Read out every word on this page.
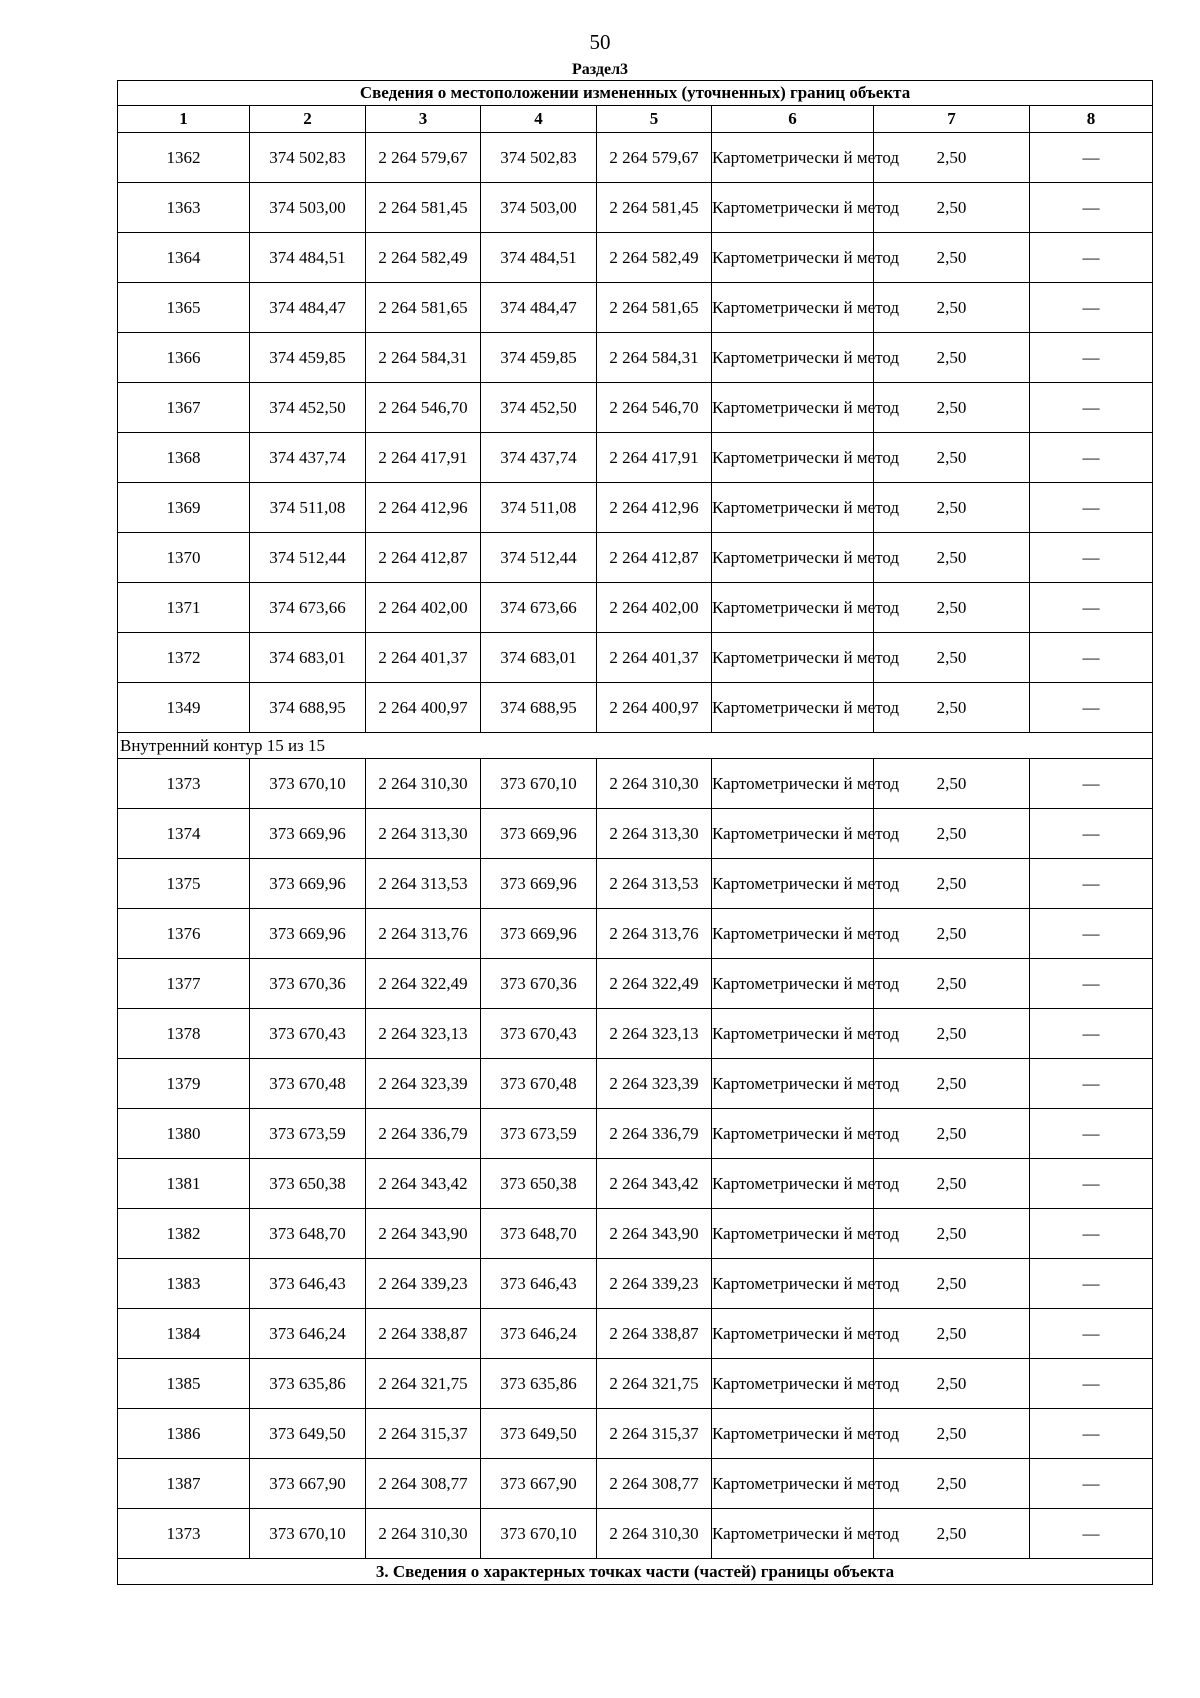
50
Раздел3
Сведения о местоположении измененных (уточненных) границ объекта							
1	2	3	4	5	6	7	8
1362	374 502,83	2 264 579,67	374 502,83	2 264 579,67	Картометрически й метод	2,50	—
1363	374 503,00	2 264 581,45	374 503,00	2 264 581,45	Картометрически й метод	2,50	—
1364	374 484,51	2 264 582,49	374 484,51	2 264 582,49	Картометрически й метод	2,50	—
1365	374 484,47	2 264 581,65	374 484,47	2 264 581,65	Картометрически й метод	2,50	—
1366	374 459,85	2 264 584,31	374 459,85	2 264 584,31	Картометрически й метод	2,50	—
1367	374 452,50	2 264 546,70	374 452,50	2 264 546,70	Картометрически й метод	2,50	—
1368	374 437,74	2 264 417,91	374 437,74	2 264 417,91	Картометрически й метод	2,50	—
1369	374 511,08	2 264 412,96	374 511,08	2 264 412,96	Картометрически й метод	2,50	—
1370	374 512,44	2 264 412,87	374 512,44	2 264 412,87	Картометрически й метод	2,50	—
1371	374 673,66	2 264 402,00	374 673,66	2 264 402,00	Картометрически й метод	2,50	—
1372	374 683,01	2 264 401,37	374 683,01	2 264 401,37	Картометрически й метод	2,50	—
1349	374 688,95	2 264 400,97	374 688,95	2 264 400,97	Картометрически й метод	2,50	—
Внутренний контур 15 из 15							
1373	373 670,10	2 264 310,30	373 670,10	2 264 310,30	Картометрически й метод	2,50	—
1374	373 669,96	2 264 313,30	373 669,96	2 264 313,30	Картометрически й метод	2,50	—
1375	373 669,96	2 264 313,53	373 669,96	2 264 313,53	Картометрически й метод	2,50	—
1376	373 669,96	2 264 313,76	373 669,96	2 264 313,76	Картометрически й метод	2,50	—
1377	373 670,36	2 264 322,49	373 670,36	2 264 322,49	Картометрически й метод	2,50	—
1378	373 670,43	2 264 323,13	373 670,43	2 264 323,13	Картометрически й метод	2,50	—
1379	373 670,48	2 264 323,39	373 670,48	2 264 323,39	Картометрически й метод	2,50	—
1380	373 673,59	2 264 336,79	373 673,59	2 264 336,79	Картометрически й метод	2,50	—
1381	373 650,38	2 264 343,42	373 650,38	2 264 343,42	Картометрически й метод	2,50	—
1382	373 648,70	2 264 343,90	373 648,70	2 264 343,90	Картометрически й метод	2,50	—
1383	373 646,43	2 264 339,23	373 646,43	2 264 339,23	Картометрически й метод	2,50	—
1384	373 646,24	2 264 338,87	373 646,24	2 264 338,87	Картометрически й метод	2,50	—
1385	373 635,86	2 264 321,75	373 635,86	2 264 321,75	Картометрически й метод	2,50	—
1386	373 649,50	2 264 315,37	373 649,50	2 264 315,37	Картометрически й метод	2,50	—
1387	373 667,90	2 264 308,77	373 667,90	2 264 308,77	Картометрически й метод	2,50	—
1373	373 670,10	2 264 310,30	373 670,10	2 264 310,30	Картометрически й метод	2,50	—
3. Сведения о характерных точках части (частей) границы объекта							
